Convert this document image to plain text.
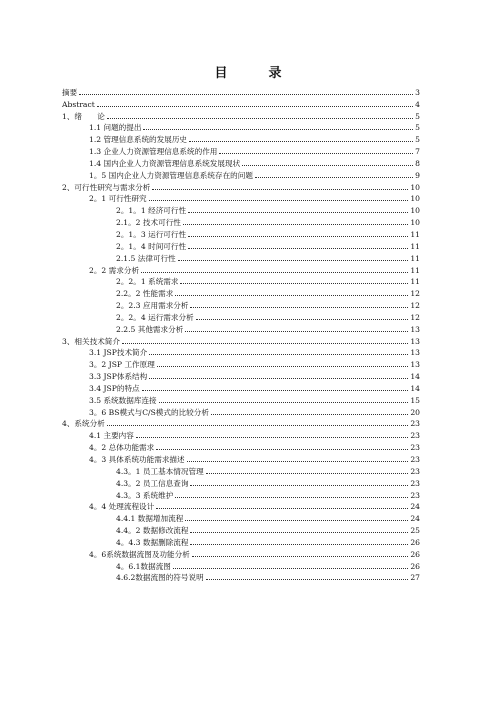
目　录
摘要	3
Abstract	4
1、绪　　论	5
1.1 问题的提出	5
1.2 管理信息系统的发展历史	5
1.3 企业人力资源管理信息系统的作用	7
1.4 国内企业人力资源管理信息系统发展现状	8
1。5 国内企业人力资源管理信息系统存在的问题	9
2、可行性研究与需求分析	10
2。1 可行性研究	10
2。1。1 经济可行性	10
2.1。2 技术可行性	10
2。1。3 运行可行性	11
2。1。4 时间可行性	11
2.1.5 法律可行性	11
2。2 需求分析	11
2。2。1 系统需求	11
2.2。2 性能需求	12
2。2.3 应用需求分析	12
2。2。4 运行需求分析	12
2.2.5 其他需求分析	13
3、相关技术简介	13
3.1 JSP技术简介	13
3。2 JSP 工作原理	13
3.3 JSP体系结构	14
3.4 JSP的特点	14
3.5 系统数据库连接	15
3。6 BS模式与C/S模式的比较分析	20
4、系统分析	23
4.1 主要内容	23
4。2 总体功能需求	23
4。3 具体系统功能需求描述	23
4.3。1 员工基本情况管理	23
4.3。2 员工信息查询	23
4.3。3 系统维护	23
4。4 处理流程设计	24
4.4.1 数据增加流程	24
4.4。2 数据修改流程	25
4。4.3 数据删除流程	26
4。6系统数据流图及功能分析	26
4。6.1数据流图	26
4.6.2数据流图的符号说明	27
